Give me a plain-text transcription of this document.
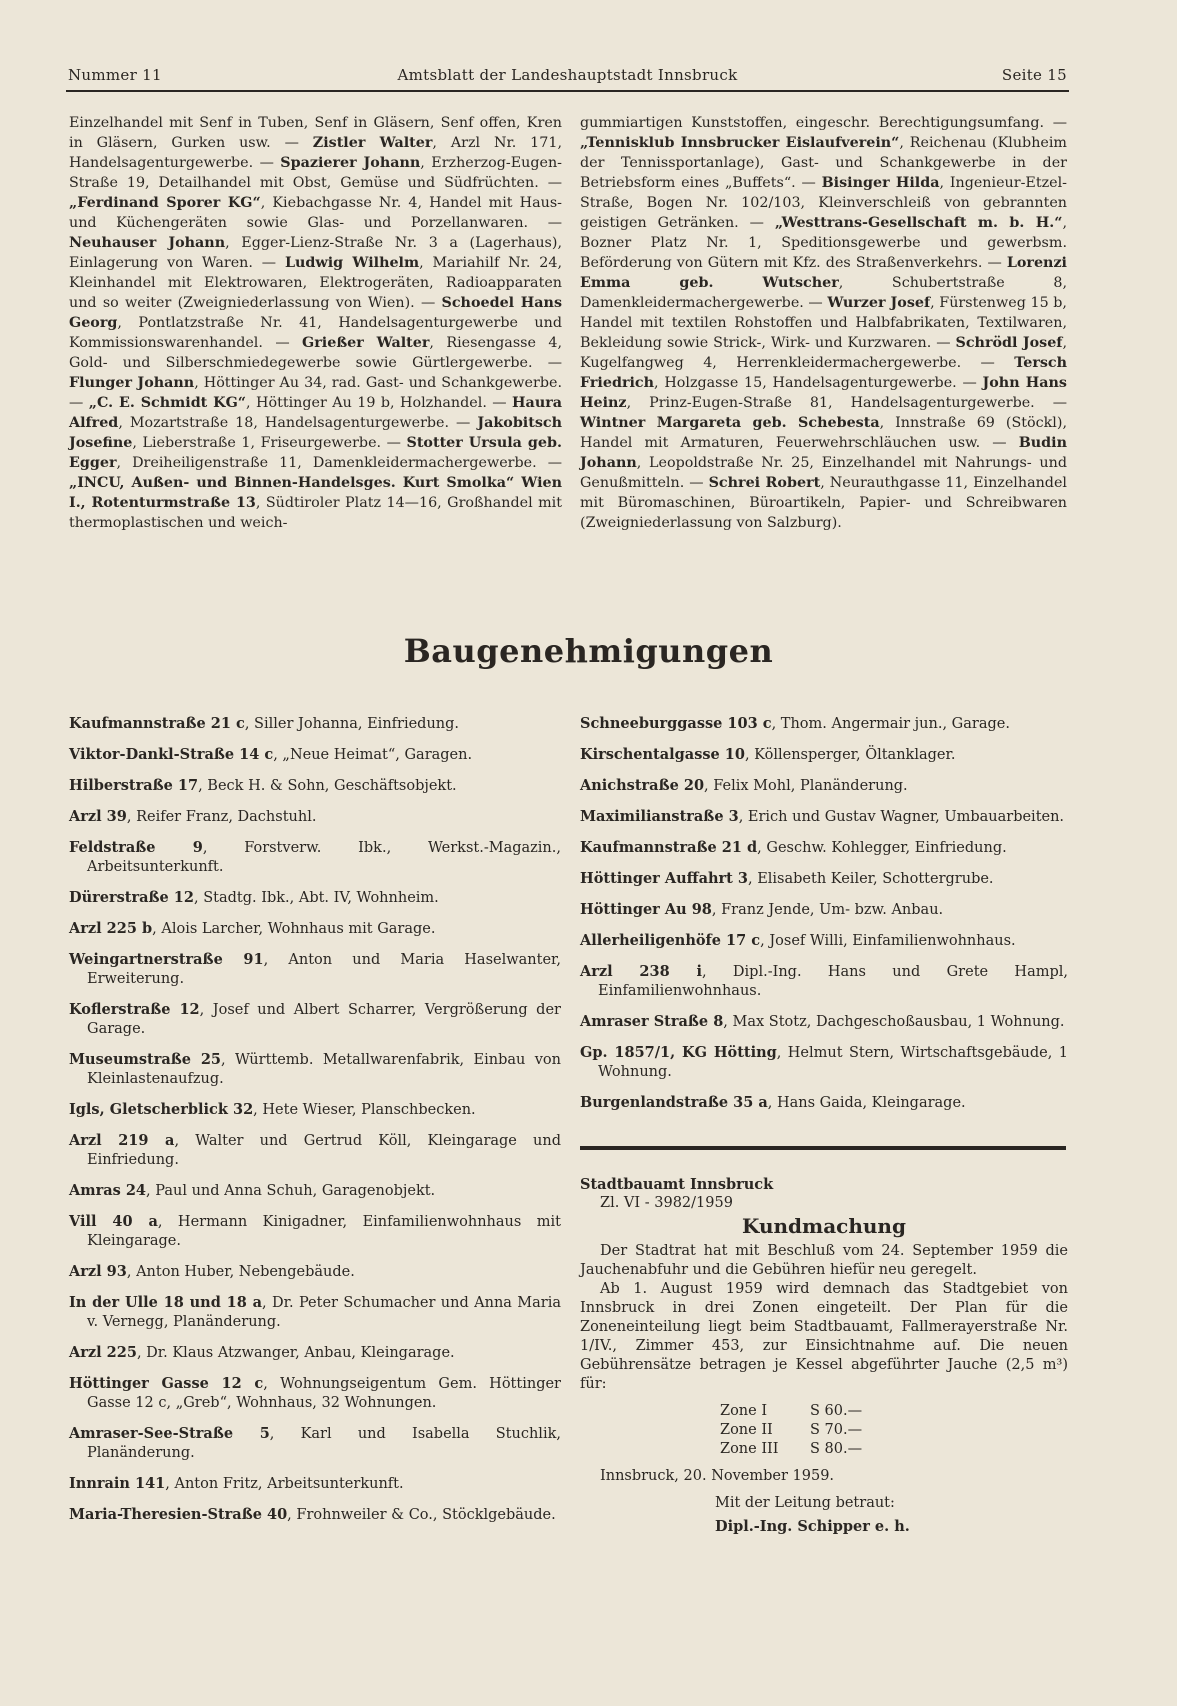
Nummer 11	Amtsblatt der Landeshauptstadt Innsbruck	Seite 15

Einzelhandel mit Senf in Tuben, Senf in Gläsern, Senf offen, Kren in Gläsern, Gurken usw. — Zistler Walter, Arzl Nr. 171, Handelsagenturgewerbe. — Spazierer Johann, Erzherzog-Eugen-Straße 19, Detailhandel mit Obst, Gemüse und Südfrüchten. — „Ferdinand Sporer KG“, Kiebachgasse Nr. 4, Handel mit Haus- und Küchengeräten sowie Glas- und Porzellanwaren. — Neuhauser Johann, Egger-Lienz-Straße Nr. 3 a (Lagerhaus), Einlagerung von Waren. — Ludwig Wilhelm, Mariahilf Nr. 24, Kleinhandel mit Elektrowaren, Elektrogeräten, Radioapparaten und so weiter (Zweigniederlassung von Wien). — Schoedel Hans Georg, Pontlatzstraße Nr. 41, Handelsagenturgewerbe und Kommissionswarenhandel. — Grießer Walter, Riesengasse 4, Gold- und Silberschmiedegewerbe sowie Gürtlergewerbe. — Flunger Johann, Höttinger Au 34, rad. Gast- und Schankgewerbe. — „C. E. Schmidt KG“, Höttinger Au 19 b, Holzhandel. — Haura Alfred, Mozartstraße 18, Handelsagenturgewerbe. — Jakobitsch Josefine, Lieberstraße 1, Friseurgewerbe. — Stotter Ursula geb. Egger, Dreiheiligenstraße 11, Damenkleidermachergewerbe. — „INCU, Außen- und Binnen-Handelsges. Kurt Smolka“ Wien I., Rotenturmstraße 13, Südtiroler Platz 14—16, Großhandel mit thermoplastischen und weich-

gummiartigen Kunststoffen, eingeschr. Berechtigungsumfang. — „Tennisklub Innsbrucker Eislaufverein“, Reichenau (Klubheim der Tennissportanlage), Gast- und Schankgewerbe in der Betriebsform eines „Buffets“. — Bisinger Hilda, Ingenieur-Etzel-Straße, Bogen Nr. 102/103, Kleinverschleiß von gebrannten geistigen Getränken. — „Westtrans-Gesellschaft m. b. H.“, Bozner Platz Nr. 1, Speditionsgewerbe und gewerbsm. Beförderung von Gütern mit Kfz. des Straßenverkehrs. — Lorenzi Emma geb. Wutscher, Schubertstraße 8, Damenkleidermachergewerbe. — Wurzer Josef, Fürstenweg 15 b, Handel mit textilen Rohstoffen und Halbfabrikaten, Textilwaren, Bekleidung sowie Strick-, Wirk- und Kurzwaren. — Schrödl Josef, Kugelfangweg 4, Herrenkleidermachergewerbe. — Tersch Friedrich, Holzgasse 15, Handelsagenturgewerbe. — John Hans Heinz, Prinz-Eugen-Straße 81, Handelsagenturgewerbe. — Wintner Margareta geb. Schebesta, Innstraße 69 (Stöckl), Handel mit Armaturen, Feuerwehrschläuchen usw. — Budin Johann, Leopoldstraße Nr. 25, Einzelhandel mit Nahrungs- und Genußmitteln. — Schrei Robert, Neurauthgasse 11, Einzelhandel mit Büromaschinen, Büroartikeln, Papier- und Schreibwaren (Zweigniederlassung von Salzburg).

Baugenehmigungen

Kaufmannstraße 21 c, Siller Johanna, Einfriedung.

Viktor-Dankl-Straße 14 c, „Neue Heimat“, Garagen.

Hilberstraße 17, Beck H. & Sohn, Geschäftsobjekt.

Arzl 39, Reifer Franz, Dachstuhl.

Feldstraße 9, Forstverw. Ibk., Werkst.-Magazin., Arbeitsunterkunft.

Dürerstraße 12, Stadtg. Ibk., Abt. IV, Wohnheim.

Arzl 225 b, Alois Larcher, Wohnhaus mit Garage.

Weingartnerstraße 91, Anton und Maria Haselwanter, Erweiterung.

Koflerstraße 12, Josef und Albert Scharrer, Vergrößerung der Garage.

Museumstraße 25, Württemb. Metallwarenfabrik, Einbau von Kleinlastenaufzug.

Igls, Gletscherblick 32, Hete Wieser, Planschbecken.

Arzl 219 a, Walter und Gertrud Köll, Kleingarage und Einfriedung.

Amras 24, Paul und Anna Schuh, Garagenobjekt.

Vill 40 a, Hermann Kinigadner, Einfamilienwohnhaus mit Kleingarage.

Arzl 93, Anton Huber, Nebengebäude.

In der Ulle 18 und 18 a, Dr. Peter Schumacher und Anna Maria v. Vernegg, Planänderung.

Arzl 225, Dr. Klaus Atzwanger, Anbau, Kleingarage.

Höttinger Gasse 12 c, Wohnungseigentum Gem. Höttinger Gasse 12 c, „Greb“, Wohnhaus, 32 Wohnungen.

Amraser-See-Straße 5, Karl und Isabella Stuchlik, Planänderung.

Innrain 141, Anton Fritz, Arbeitsunterkunft.

Maria-Theresien-Straße 40, Frohnweiler & Co., Stöcklgebäude.

Schneeburggasse 103 c, Thom. Angermair jun., Garage.

Kirschentalgasse 10, Köllensperger, Öltanklager.

Anichstraße 20, Felix Mohl, Planänderung.

Maximilianstraße 3, Erich und Gustav Wagner, Umbauarbeiten.

Kaufmannstraße 21 d, Geschw. Kohlegger, Einfriedung.

Höttinger Auffahrt 3, Elisabeth Keiler, Schottergrube.

Höttinger Au 98, Franz Jende, Um- bzw. Anbau.

Allerheiligenhöfe 17 c, Josef Willi, Einfamilienwohnhaus.

Arzl 238 i, Dipl.-Ing. Hans und Grete Hampl, Einfamilienwohnhaus.

Amraser Straße 8, Max Stotz, Dachgeschoßausbau, 1 Wohnung.

Gp. 1857/1, KG Hötting, Helmut Stern, Wirtschaftsgebäude, 1 Wohnung.

Burgenlandstraße 35 a, Hans Gaida, Kleingarage.

Stadtbauamt Innsbruck
Zl. VI - 3982/1959
Kundmachung

Der Stadtrat hat mit Beschluß vom 24. September 1959 die Jauchenabfuhr und die Gebühren hiefür neu geregelt.

Ab 1. August 1959 wird demnach das Stadtgebiet von Innsbruck in drei Zonen eingeteilt. Der Plan für die Zoneneinteilung liegt beim Stadtbauamt, Fallmerayerstraße Nr. 1/IV., Zimmer 453, zur Einsichtnahme auf. Die neuen Gebührensätze betragen je Kessel abgeführter Jauche (2,5 m³) für:

Zone I	S 60.—
Zone II	S 70.—
Zone III	S 80.—
Innsbruck, 20. November 1959.
Mit der Leitung betraut:
Dipl.-Ing. Schipper e. h.
